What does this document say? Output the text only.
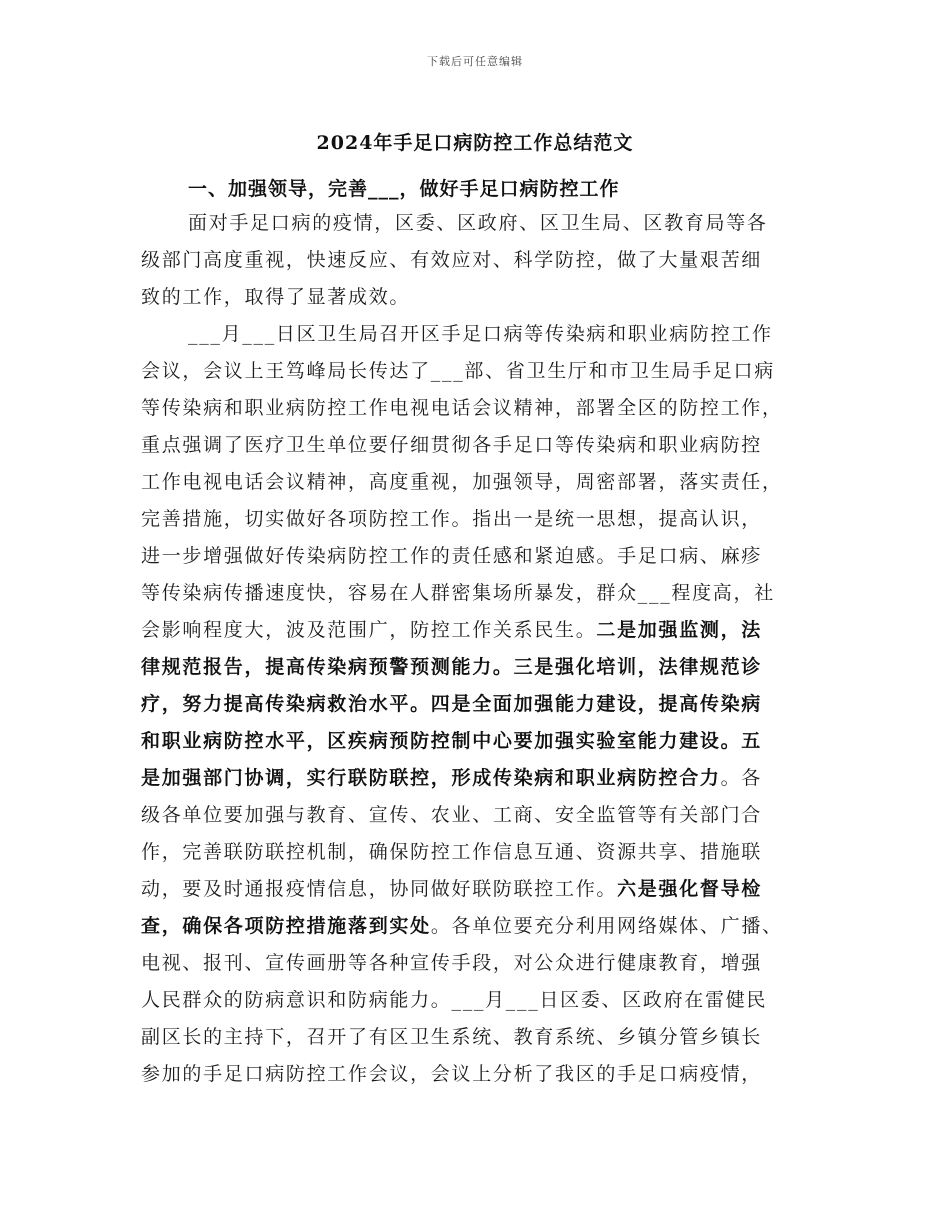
下载后可任意编辑
2024年手足口病防控工作总结范文
一、加强领导，完善___，做好手足口病防控工作
面对手足口病的疫情，区委、区政府、区卫生局、区教育局等各
级部门高度重视，快速反应、有效应对、科学防控，做了大量艰苦细
致的工作，取得了显著成效。
___月___日区卫生局召开区手足口病等传染病和职业病防控工作
会议，会议上王笃峰局长传达了___部、省卫生厅和市卫生局手足口病
等传染病和职业病防控工作电视电话会议精神，部署全区的防控工作，
重点强调了医疗卫生单位要仔细贯彻各手足口等传染病和职业病防控
工作电视电话会议精神，高度重视，加强领导，周密部署，落实责任，
完善措施，切实做好各项防控工作。指出一是统一思想，提高认识，
进一步增强做好传染病防控工作的责任感和紧迫感。手足口病、麻疹
等传染病传播速度快，容易在人群密集场所暴发，群众___程度高，社
会影响程度大，波及范围广，防控工作关系民生。二是加强监测，法
律规范报告，提高传染病预警预测能力。三是强化培训，法律规范诊
疗，努力提高传染病救治水平。四是全面加强能力建设，提高传染病
和职业病防控水平，区疾病预防控制中心要加强实验室能力建设。五
是加强部门协调，实行联防联控，形成传染病和职业病防控合力。各
级各单位要加强与教育、宣传、农业、工商、安全监管等有关部门合
作，完善联防联控机制，确保防控工作信息互通、资源共享、措施联
动，要及时通报疫情信息，协同做好联防联控工作。六是强化督导检
查，确保各项防控措施落到实处。各单位要充分利用网络媒体、广播、
电视、报刊、宣传画册等各种宣传手段，对公众进行健康教育，增强
人民群众的防病意识和防病能力。___月___日区委、区政府在雷健民
副区长的主持下，召开了有区卫生系统、教育系统、乡镇分管乡镇长
参加的手足口病防控工作会议，会议上分析了我区的手足口病疫情，
